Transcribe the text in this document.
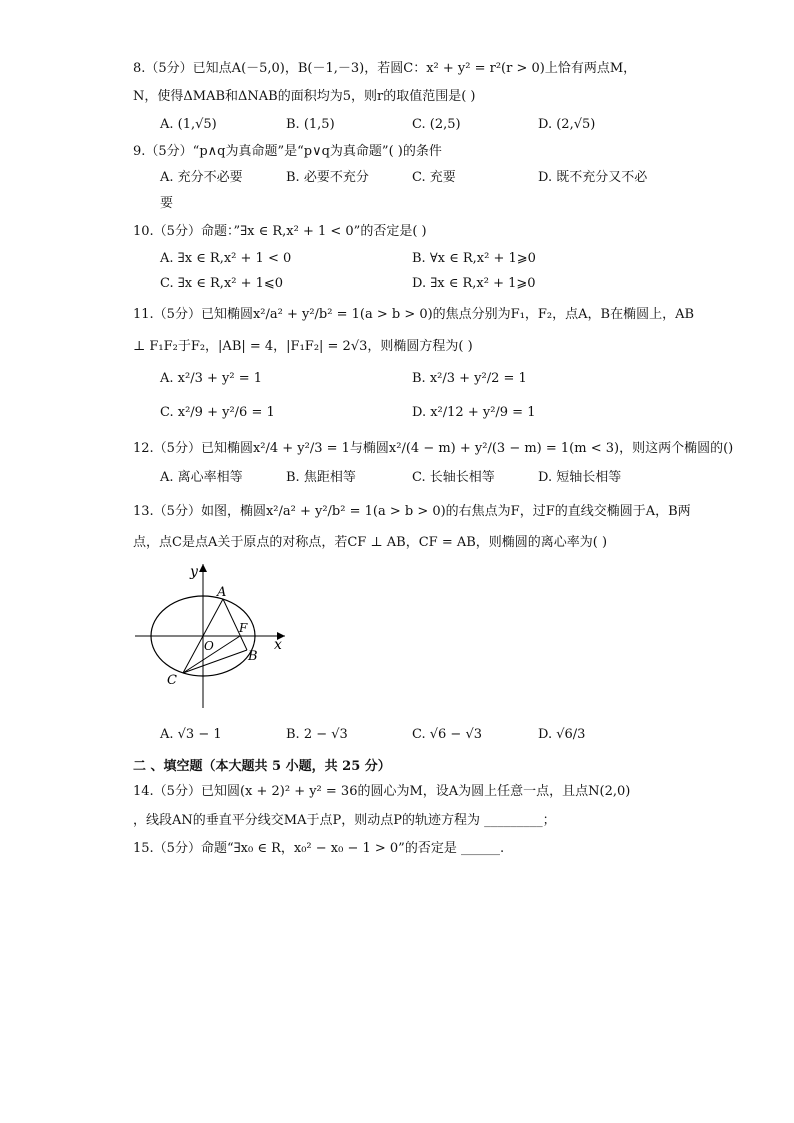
8.（5分）已知点A(－5,0)，B(－1,－3)，若圆C：x² + y² = r²(r > 0)上恰有两点M，
N，使得ΔMAB和ΔNAB的面积均为5，则r的取值范围是( )
A. (1,√5)	B. (1,5)	C. (2,5)	D. (2,√5)
9.（5分）“p∧q为真命题”是“p∨q为真命题”( )的条件
A. 充分不必要	B. 必要不充分	C. 充要	D. 既不充分又不必
要
10.（5分）命题：”∃x ∈ R,x² + 1 < 0”的否定是( )
A. ∃x ∈ R,x² + 1 < 0	B. ∀x ∈ R,x² + 1⩾0
C. ∃x ∈ R,x² + 1⩽0	D. ∃x ∈ R,x² + 1⩾0
11.（5分）已知椭圆x²/a² + y²/b² = 1(a > b > 0)的焦点分别为F₁，F₂，点A，B在椭圆上，AB
⊥ F₁F₂于F₂，|AB| = 4，|F₁F₂| = 2√3，则椭圆方程为( )
A. x²/3 + y² = 1	B. x²/3 + y²/2 = 1
C. x²/9 + y²/6 = 1	D. x²/12 + y²/9 = 1
12.（5分）已知椭圆x²/4 + y²/3 = 1与椭圆x²/(4 − m) + y²/(3 − m) = 1(m < 3)，则这两个椭圆的()
A. 离心率相等	B. 焦距相等	C. 长轴长相等	D. 短轴长相等
13.（5分）如图，椭圆x²/a² + y²/b² = 1(a > b > 0)的右焦点为F，过F的直线交椭圆于A，B两
点，点C是点A关于原点的对称点，若CF ⊥ AB，CF = AB，则椭圆的离心率为( )
y
x
O
A
B
C
F
A. √3 − 1	B. 2 − √3	C. √6 − √3	D. √6/3
二 、填空题（本大题共 5 小题，共 25 分）
14.（5分）已知圆(x + 2)² + y² = 36的圆心为M，设A为圆上任意一点，且点N(2,0)
，线段AN的垂直平分线交MA于点P，则动点P的轨迹方程为 _________；
15.（5分）命题“∃x₀ ∈ R，x₀² − x₀ − 1 > 0”的否定是 ______.
